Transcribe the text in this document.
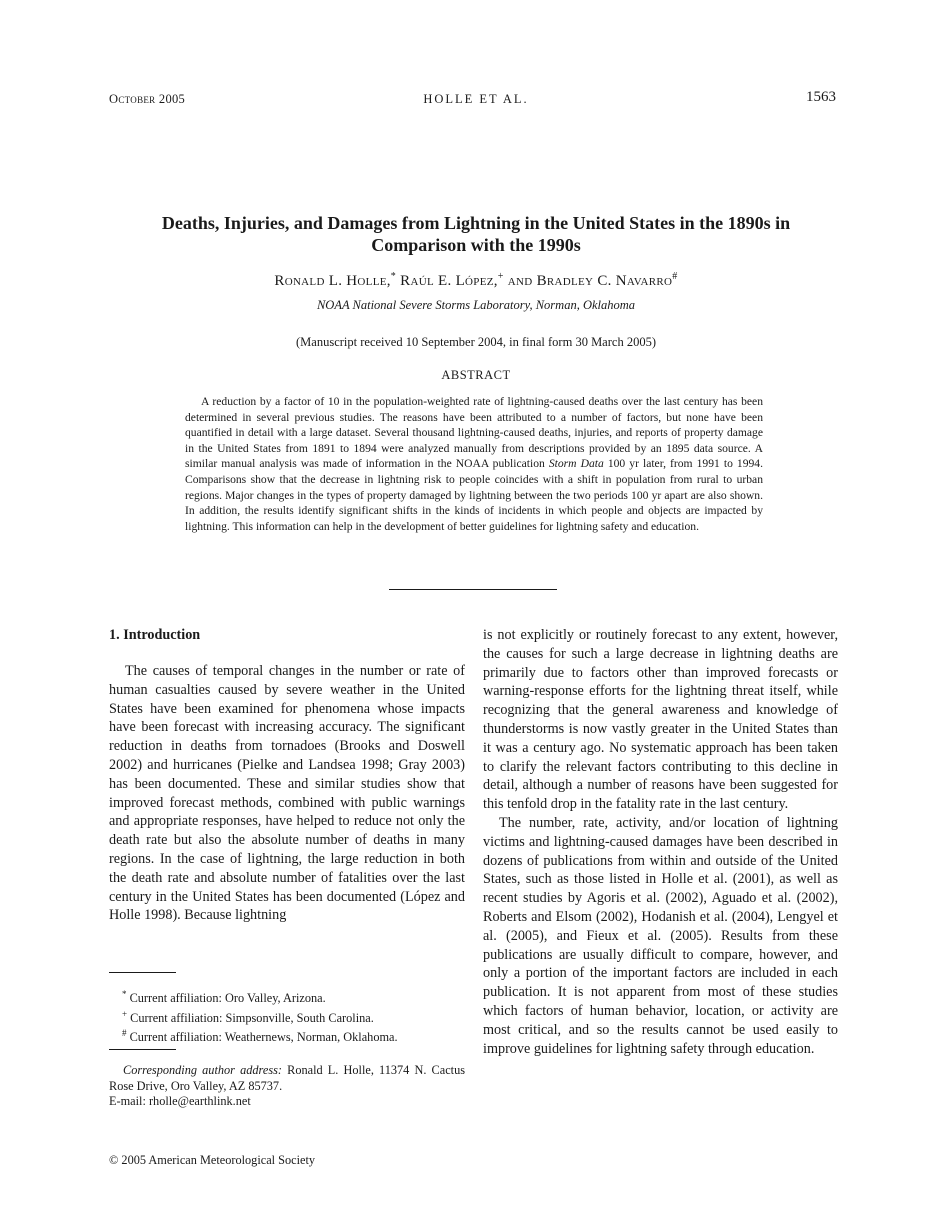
October 2005	HOLLE ET AL.	1563
Deaths, Injuries, and Damages from Lightning in the United States in the 1890s in Comparison with the 1990s
Ronald L. Holle,* Raúl E. López,+ and Bradley C. Navarro#
NOAA National Severe Storms Laboratory, Norman, Oklahoma
(Manuscript received 10 September 2004, in final form 30 March 2005)
ABSTRACT
A reduction by a factor of 10 in the population-weighted rate of lightning-caused deaths over the last century has been determined in several previous studies. The reasons have been attributed to a number of factors, but none have been quantified in detail with a large dataset. Several thousand lightning-caused deaths, injuries, and reports of property damage in the United States from 1891 to 1894 were analyzed manually from descriptions provided by an 1895 data source. A similar manual analysis was made of information in the NOAA publication Storm Data 100 yr later, from 1991 to 1994. Comparisons show that the decrease in lightning risk to people coincides with a shift in population from rural to urban regions. Major changes in the types of property damaged by lightning between the two periods 100 yr apart are also shown. In addition, the results identify significant shifts in the kinds of incidents in which people and objects are impacted by lightning. This information can help in the development of better guidelines for lightning safety and education.
1. Introduction
The causes of temporal changes in the number or rate of human casualties caused by severe weather in the United States have been examined for phenomena whose impacts have been forecast with increasing accuracy. The significant reduction in deaths from tornadoes (Brooks and Doswell 2002) and hurricanes (Pielke and Landsea 1998; Gray 2003) has been documented. These and similar studies show that improved forecast methods, combined with public warnings and appropriate responses, have helped to reduce not only the death rate but also the absolute number of deaths in many regions. In the case of lightning, the large reduction in both the death rate and absolute number of fatalities over the last century in the United States has been documented (López and Holle 1998). Because lightning
is not explicitly or routinely forecast to any extent, however, the causes for such a large decrease in lightning deaths are primarily due to factors other than improved forecasts or warning-response efforts for the lightning threat itself, while recognizing that the general awareness and knowledge of thunderstorms is now vastly greater in the United States than it was a century ago. No systematic approach has been taken to clarify the relevant factors contributing to this decline in detail, although a number of reasons have been suggested for this tenfold drop in the fatality rate in the last century.
The number, rate, activity, and/or location of lightning victims and lightning-caused damages have been described in dozens of publications from within and outside of the United States, such as those listed in Holle et al. (2001), as well as recent studies by Agoris et al. (2002), Aguado et al. (2002), Roberts and Elsom (2002), Hodanish et al. (2004), Lengyel et al. (2005), and Fieux et al. (2005). Results from these publications are usually difficult to compare, however, and only a portion of the important factors are included in each publication. It is not apparent from most of these studies which factors of human behavior, location, or activity are most critical, and so the results cannot be used easily to improve guidelines for lightning safety through education.
* Current affiliation: Oro Valley, Arizona.
+ Current affiliation: Simpsonville, South Carolina.
# Current affiliation: Weathernews, Norman, Oklahoma.
Corresponding author address: Ronald L. Holle, 11374 N. Cactus Rose Drive, Oro Valley, AZ 85737.
E-mail: rholle@earthlink.net
© 2005 American Meteorological Society
